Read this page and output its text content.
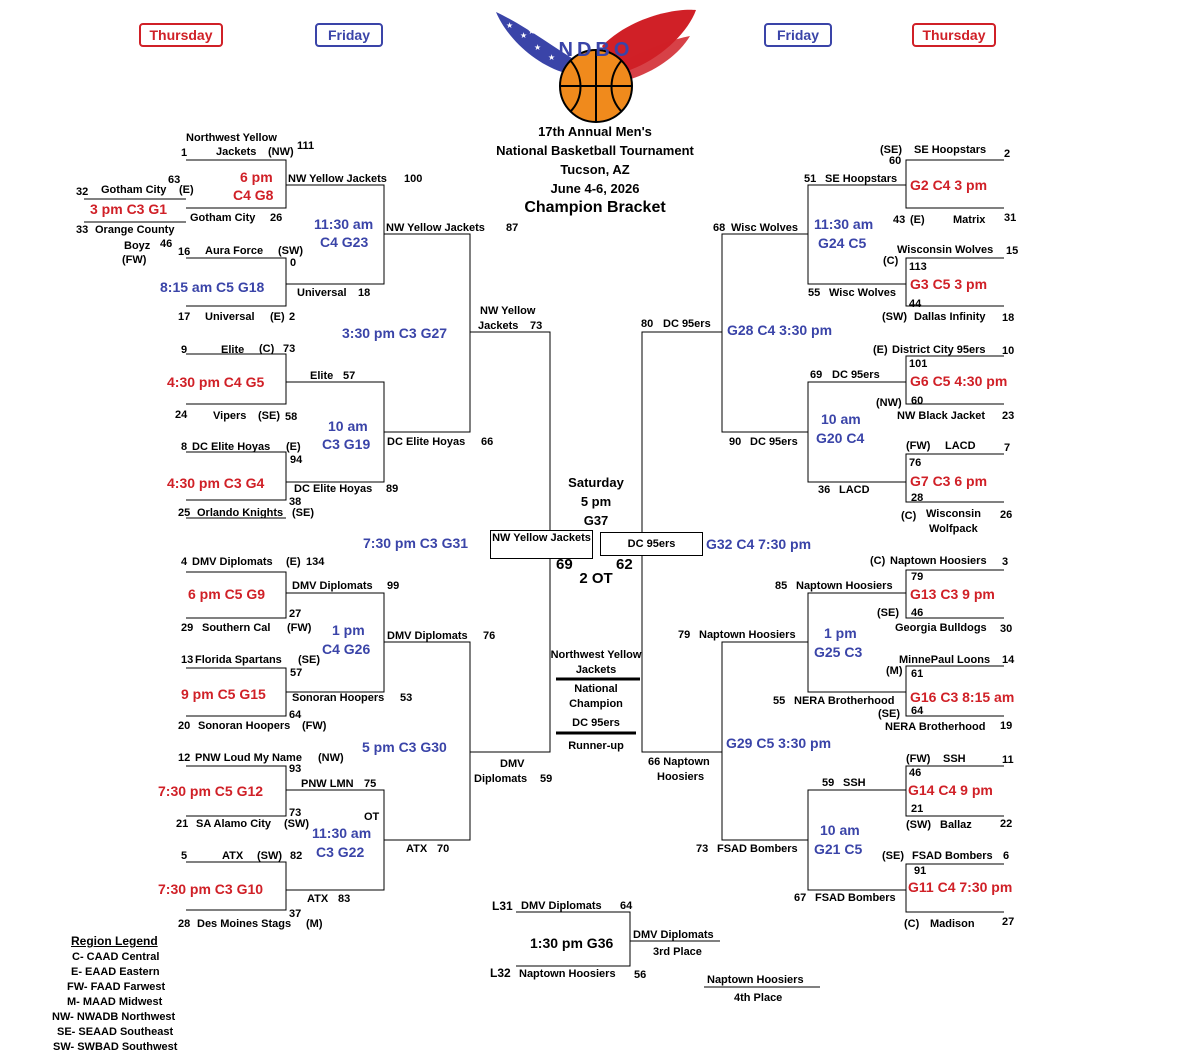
Thursday	Friday	Friday	Thursday
★
★
★
★
★
★
NDBO
17th Annual Men's
National Basketball Tournament
Tucson, AZ
June 4-6, 2026
Champion Bracket
1
Northwest Yellow
Jackets (NW) 111
63
32 Gotham City (E)
6 pm
C4 G8
3 pm C3 G1
Gotham City 26
33 Orange County
Boyz 46
(FW)
NW Yellow Jackets 100
11:30 am
C4 G23
NW Yellow Jackets 87
16 Aura Force (SW)
0
8:15 am C5 G18	Universal 18
17 Universal (E) 2	NW Yellow
Jackets 73
3:30 pm C3 G27
9	Elite (C) 73
4:30 pm C4 G5	Elite 57
24 Vipers (SE) 58
10 am
C3 G19 DC Elite Hoyas 66
8 DC Elite Hoyas (E)
94
4:30 pm C3 G4	DC Elite Hoyas 89
38
25 Orlando Knights (SE)
4 DMV Diplomats (E) 134
DMV Diplomats 99
6 pm C5 G9
27
29 Southern Cal (FW) 1 pm
C4 G26
DMV Diplomats 76
13 Florida Spartans (SE)
57
9 pm C5 G15 Sonoran Hoopers 53
64
20 Sonoran Hoopers (FW)
5 pm C3 G30
DMV
Diplomats 59
12 PNW Loud My Name (NW)
93
PNW LMN 75
7:30 pm C5 G12
73	OT
21 SA Alamo City (SW)
11:30 am
C3 G22	ATX 70
5	ATX (SW) 82
7:30 pm C3 G10
ATX 83
37
28 Des Moines Stags (M)
(SE) SE Hoopstars 2
60
51 SE Hoopstars G2 C4 3 pm
43 (E)	Matrix 31
68 Wisc Wolves 11:30 am
G24 C5	Wisconsin Wolves 15
(C) 113
G3 C5 3 pm
55 Wisc Wolves
44
(SW) Dallas Infinity 18
80 DC 95ers G28 C4 3:30 pm
(E) District City 95ers 10
101
69 DC 95ers G6 C5 4:30 pm
60
(NW)
NW Black Jacket 23
90 DC 95ers
10 am
G20 C4	(FW) LACD	7
76
G7 C3 6 pm
28
36 LACD
(C) Wisconsin
Wolfpack
26
(C) Naptown Hoosiers 3
79
85 Naptown Hoosiers G13 C3 9 pm
(SE) 46
Georgia Bulldogs 30
79 Naptown Hoosiers 1 pm
G25 C3	MinnePaul Loons 14
(M) 61
55 NERA Brotherhood G16 C3 8:15 am
(SE) 64
NERA Brotherhood 19
G29 C5 3:30 pm
66 Naptown
Hoosiers
(FW) SSH	11
46
59 SSH	G14 C4 9 pm
21
(SW) Ballaz	22
73 FSAD Bombers
10 am
G21 C5 (SE) FSAD Bombers 6
91
G11 C4 7:30 pm
67 FSAD Bombers
(C) Madison 27
Saturday
5 pm
G37
7:30 pm C3 G31 NW Yellow Jackets	DC 95ers	G32 C4 7:30 pm
69	62
2 OT
Northwest Yellow Jackets
National Champion
DC 95ers
Runner-up
L31 DMV Diplomats 64
1:30 pm G36 DMV Diplomats
3rd Place
L32 Naptown Hoosiers 56	Naptown Hoosiers
4th Place
Region Legend
C- CAAD Central
E- EAAD Eastern
FW- FAAD Farwest
M- MAAD Midwest
NW- NWADB Northwest
SE- SEAAD Southeast
SW- SWBAD Southwest
